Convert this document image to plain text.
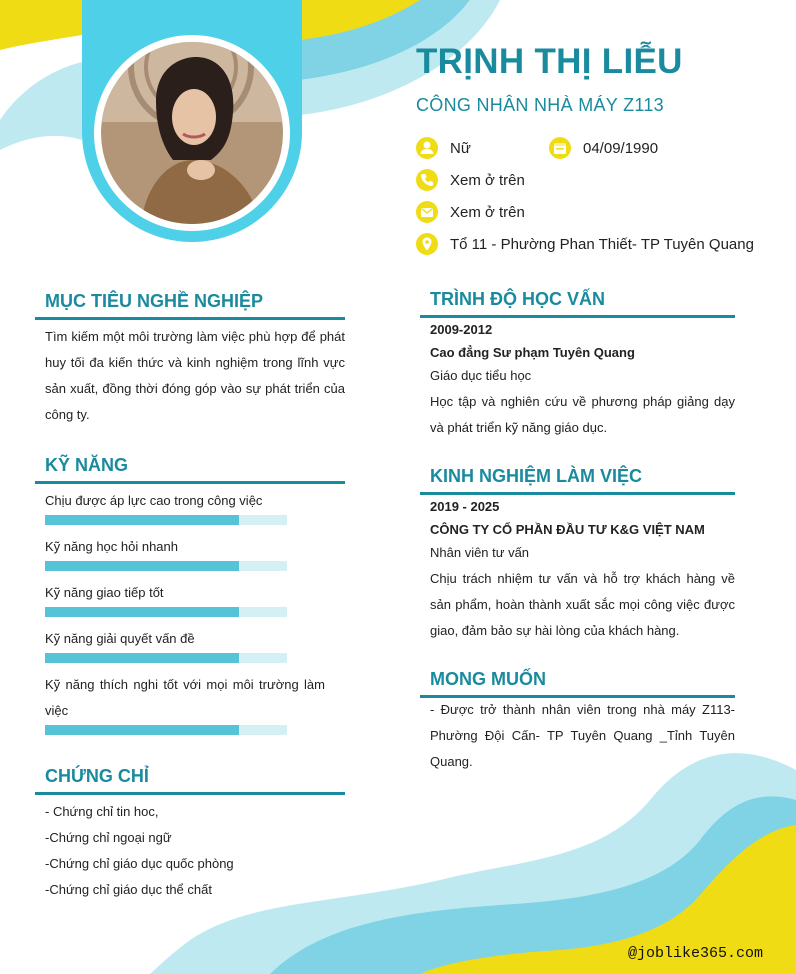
TRỊNH THỊ LIỄU
CÔNG NHÂN NHÀ MÁY Z113
Nữ	04/09/1990
Xem ở trên
Xem ở trên
Tổ 11 - Phường Phan Thiết- TP Tuyên Quang
MỤC TIÊU NGHỀ NGHIỆP
Tìm kiếm một môi trường làm việc phù hợp để phát huy tối đa kiến thức và kinh nghiệm trong lĩnh vực sản xuất, đồng thời đóng góp vào sự phát triển của công ty.
KỸ NĂNG
Chịu được áp lực cao trong công việc
Kỹ năng học hỏi nhanh
Kỹ năng giao tiếp tốt
Kỹ năng giải quyết vấn đề
Kỹ năng thích nghi tốt với mọi môi trường làm việc
CHỨNG CHỈ
- Chứng chỉ tin hoc,
-Chứng chỉ ngoại ngữ
-Chứng chỉ giáo dục quốc phòng
-Chứng chỉ giáo dục thể chất
TRÌNH ĐỘ HỌC VẤN
2009-2012
Cao đẳng Sư phạm Tuyên Quang
Giáo dục tiểu học
Học tập và nghiên cứu về phương pháp giảng dạy và phát triển kỹ năng giáo dục.
KINH NGHIỆM LÀM VIỆC
2019 - 2025
CÔNG TY CỔ PHẦN ĐẦU TƯ K&G VIỆT NAM
Nhân viên tư vấn
Chịu trách nhiệm tư vấn và hỗ trợ khách hàng về sản phẩm, hoàn thành xuất sắc mọi công việc được giao, đảm bảo sự hài lòng của khách hàng.
MONG MUỐN
- Được trở thành nhân viên trong nhà máy Z113- Phường Đội Cấn- TP Tuyên Quang _Tỉnh Tuyên Quang.
@joblike365.com
